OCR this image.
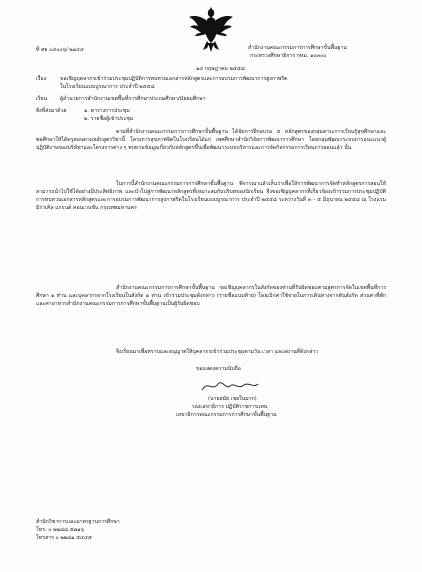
ที่ ศธ ๐๔๐๐๖/ ๒๑๔๔	สำนักงานคณะกรรมการการศึกษาขั้นพื้นฐาน
กระทรวงศึกษาธิการ กทม. ๑๐๓๐๐
๑๔ กฤษฎาคม ๒๕๕๘
เรื่อง	ขอเชิญบุคลากรเข้าร่วมประชุมปฏิบัติการทบทวนเอกสารหลักสูตรและการอบรมการพัฒนาการสูงกาพริต
ในโรงเรียนแบบบูรณาการ ประจำปี ๒๕๕๘
เรียน ผู้อำนวยการสำนักงานเขตพื้นที่การศึกษาประถมศึกษา/มัธยมศึกษา
สิ่งที่ส่งมาด้วย	๑. ตารางการประชุม
๒. รายชื่อผู้เข้าประชุม
ตามที่สำนักงานคณะกรรมการการศึกษาขั้นพื้นฐาน ได้จัดการฝึกอบรม ๕ หลักสูตรของกลุ่มสาระการเรียนรู้สุขศึกษาและพลศึกษาให้ได้ครูสอนตามหลักสูตรวิชานี้ โครงการสุขภาพจิตในโรงเรียนได้แก่ เพศศึกษาสำนักวิจัยการพัฒนาการศึกษา โดยกลุ่มพัฒนาระบบการแนะแนวผู้ปฏิบัติงานของบริษัทฯและโครงการต่าง ๆ ทบทวนข้อมูลเกี่ยวกับหลักสูตรขึ้นเพื่อพัฒนาระบบบริหารและการจัดกิจกรรมการเรียนการสอนแล้ว นั้น
ในการนี้สำนักงานคณะกรรมการการศึกษาขั้นพื้นฐาน พิจารณาแล้วเห็นว่าเพื่อให้การพัฒนาการจัดทำหลักสูตรการสอนให้สามารถนำไปใช้ได้อย่างมีประสิทธิภาพ และนำไปสู่การพัฒนาหลักสูตรที่เหมาะสมกับบริบทของนักเรียน จึงขอเชิญบุคลากรที่เกี่ยวข้องเข้าร่วมการประชุมปฏิบัติการทบทวนเอกสารหลักสูตรและการอบรมการพัฒนาการสูงกาพริตในโรงเรียนแบบบูรณาการ ประจำปี ๒๕๕๘ ระหว่างวันที่ ๓ - ๕ มิถุนายน ๒๕๕๘ ณ โรงแรมมิราเคิล แกรนด์ คอนเวนชั่น กรุงเทพมหานคร
สำนักงานคณะกรรมการการศึกษาขั้นพื้นฐาน ขอเชิญบุคลากรในสังกัดของท่านที่รับผิดชอบตามสูตรการจัดในเขตพื้นที่การศึกษา ๑ ท่าน และบุคลากรจากโรงเรียนในสังกัด ๑ ท่าน เข้าร่วมประชุมดังกล่าว (รายชื่อแนบท้าย) โดยเบิกค่าใช้จ่ายในการเดินทางจากต้นสังกัด ส่วนค่าที่พักและค่าอาหารสำนักงานคณะกรรมการการศึกษาขั้นพื้นฐานเป็นผู้รับผิดชอบ
จึงเรียนมาเพื่อทราบและอนุญาตให้บุคลากรเข้าร่วมประชุมตามวัน เวลา และสถานที่ดังกล่าว
ขอแสดงความนับถือ
(นายสมัย เชยในมาก)
รองเลขาธิการ ปฏิบัติราชการแทน
เลขาธิการคณะกรรมการการศึกษาขั้นพื้นฐาน
สำนักวิชาการและมาตรฐานการศึกษา
โทร. ๐ ๒๒๘๘ ๕๗๑๖
โทรสาร ๐ ๒๒๘๑ ๕๔๔๕
